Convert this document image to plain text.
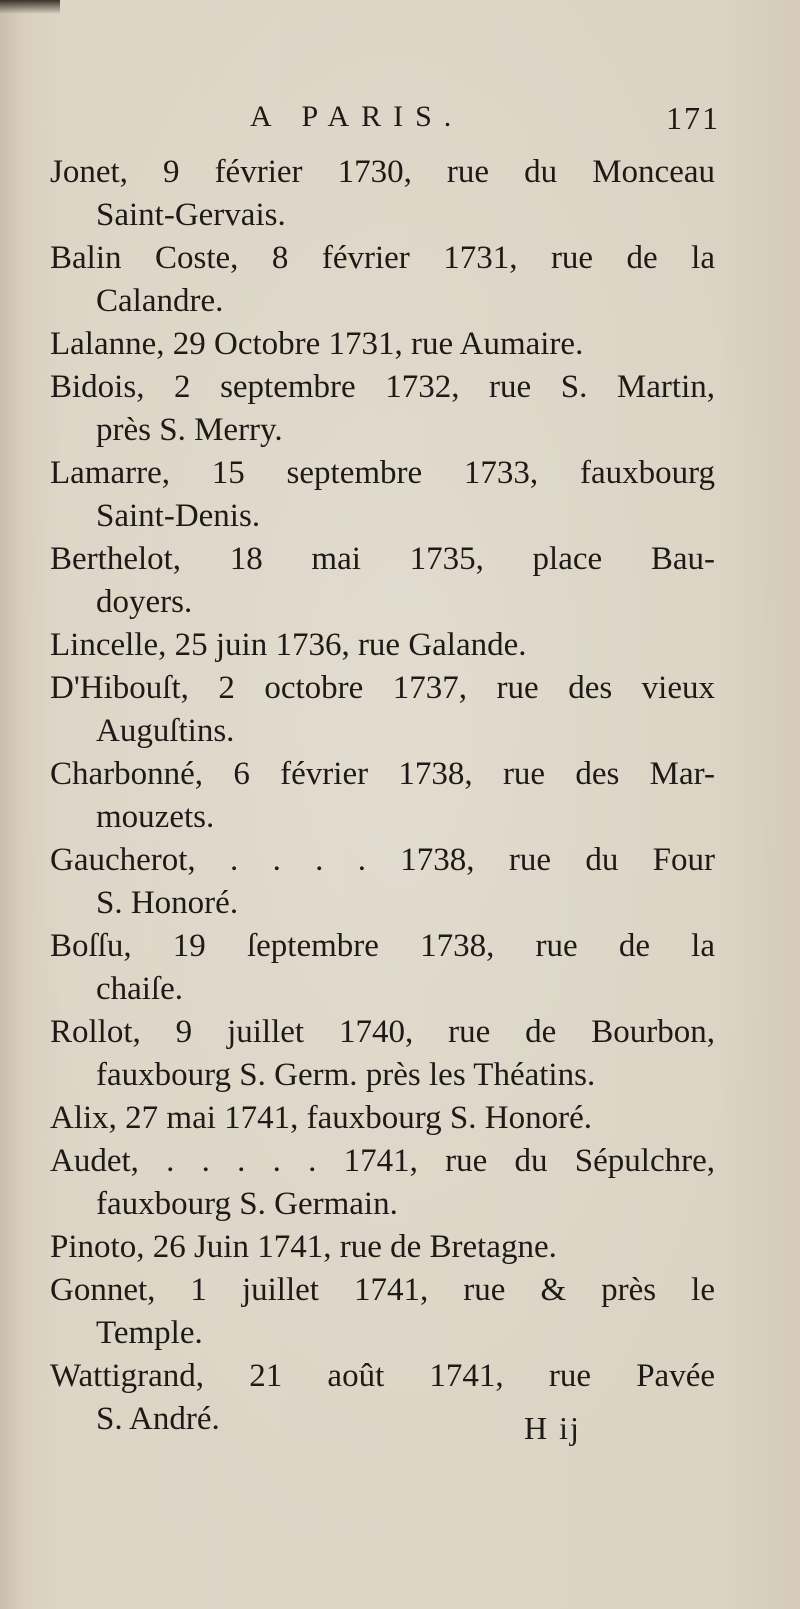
A PARIS.	171

Jonet, 9 février 1730, rue du Monceau
Saint-Gervais.

Balin Coste, 8 février 1731, rue de la
Calandre.

Lalanne, 29 Octobre 1731, rue Aumaire.

Bidois, 2 septembre 1732, rue S. Martin,
près S. Merry.

Lamarre, 15 septembre 1733, fauxbourg
Saint-Denis.

Berthelot, 18 mai 1735, place Bau-
doyers.

Lincelle, 25 juin 1736, rue Galande.

D'Hibouſt, 2 octobre 1737, rue des vieux
Auguſtins.

Charbonné, 6 février 1738, rue des Mar-
mouzets.

Gaucherot, . . . . 1738, rue du Four
S. Honoré.

Boſſu, 19 ſeptembre 1738, rue de la
chaiſe.

Rollot, 9 juillet 1740, rue de Bourbon,
fauxbourg S. Germ. près les Théatins.

Alix, 27 mai 1741, fauxbourg S. Honoré.

Audet, . . . . . 1741, rue du Sépulchre,
fauxbourg S. Germain.

Pinoto, 26 Juin 1741, rue de Bretagne.

Gonnet, 1 juillet 1741, rue & près le
Temple.

Wattigrand, 21 août 1741, rue Pavée
S. André.	H ij
